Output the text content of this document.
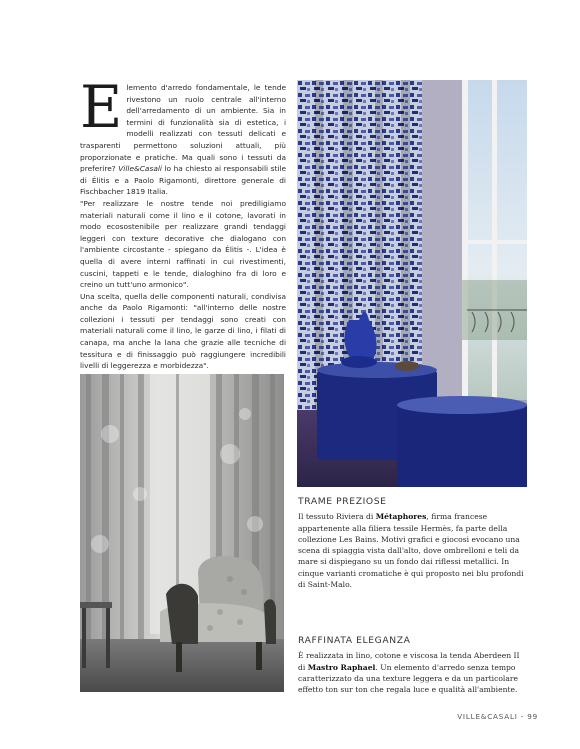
E lemento d'arredo fondamentale, le tende rivestono un ruolo centrale all'interno dell'arredamento di un ambiente. Sia in termini di funzionalità sia di estetica, i modelli realizzati con tessuti delicati e trasparenti permettono soluzioni attuali, più proporzionate e pratiche. Ma quali sono i tessuti da preferire? Ville&Casali lo ha chiesto ai responsabili stile di Élitis e a Paolo Rigamonti, direttore generale di Fischbacher 1819 Italia.

"Per realizzare le nostre tende noi prediligiamo materiali naturali come il lino e il cotone, lavorati in modo ecosostenibile per realizzare grandi tendaggi leggeri con texture decorative che dialogano con l'ambiente circostante - spiegano da Élitis -. L'idea è quella di avere interni raffinati in cui rivestimenti, cuscini, tappeti e le tende, dialoghino fra di loro e creino un tutt'uno armonico".

Una scelta, quella delle componenti naturali, condivisa anche da Paolo Rigamonti: "all'interno delle nostre collezioni i tessuti per tendaggi sono creati con materiali naturali come il lino, le garze di lino, i filati di canapa, ma anche la lana che grazie alle tecniche di tessitura e di finissaggio può raggiungere incredibili livelli di leggerezza e morbidezza".

TRAME PREZIOSE
Il tessuto Riviera di Métaphores, firma francese appartenente alla filiera tessile Hermès, fa parte della collezione Les Bains. Motivi grafici e giocosi evocano una scena di spiaggia vista dall'alto, dove ombrelloni e teli da mare si dispiegano su un fondo dai riflessi metallici. In cinque varianti cromatiche è qui proposto nei blu profondi di Saint-Malo.
RAFFINATA ELEGANZA
È realizzata in lino, cotone e viscosa la tenda Aberdeen II di Mastro Raphael. Un elemento d'arredo senza tempo caratterizzato da una texture leggera e da un particolare effetto ton sur ton che regala luce e qualità all'ambiente.
VILLE&CASALI - 99
